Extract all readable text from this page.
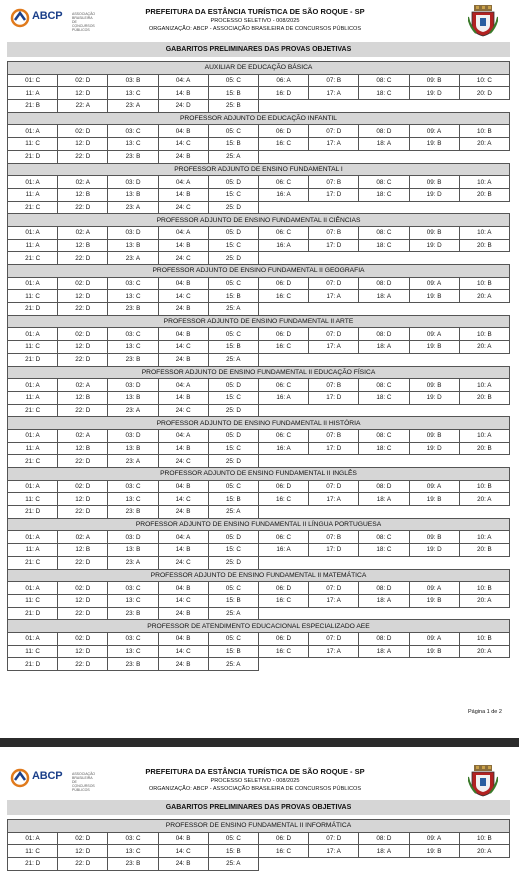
ABCP	ASSOCIAÇÃO BRASILEIRA DE CONCURSOS PÚBLICOS
PREFEITURA DA ESTÂNCIA TURÍSTICA DE SÃO ROQUE - SP
PROCESSO SELETIVO - 008/2025
ORGANIZAÇÃO: ABCP - ASSOCIAÇÃO BRASILEIRA DE CONCURSOS PÚBLICOS
GABARITOS PRELIMINARES DAS PROVAS OBJETIVAS
AUXILIAR DE EDUCAÇÃO BÁSICA									
01: C	02: D	03: B	04: A	05: C	06: A	07: B	08: C	09: B	10: C
11: A	12: D	13: C	14: B	15: B	16: D	17: A	18: C	19: D	20: D
21: B	22: A	23: A	24: D	25: B					
PROFESSOR ADJUNTO DE EDUCAÇÃO INFANTIL									
01: A	02: D	03: C	04: B	05: C	06: D	07: D	08: D	09: A	10: B
11: C	12: D	13: C	14: C	15: B	16: C	17: A	18: A	19: B	20: A
21: D	22: D	23: B	24: B	25: A					
PROFESSOR ADJUNTO DE ENSINO FUNDAMENTAL I									
01: A	02: A	03: D	04: A	05: D	06: C	07: B	08: C	09: B	10: A
11: A	12: B	13: B	14: B	15: C	16: A	17: D	18: C	19: D	20: B
21: C	22: D	23: A	24: C	25: D					
PROFESSOR ADJUNTO DE ENSINO FUNDAMENTAL II CIÊNCIAS									
01: A	02: A	03: D	04: A	05: D	06: C	07: B	08: C	09: B	10: A
11: A	12: B	13: B	14: B	15: C	16: A	17: D	18: C	19: D	20: B
21: C	22: D	23: A	24: C	25: D					
PROFESSOR ADJUNTO DE ENSINO FUNDAMENTAL II GEOGRAFIA									
01: A	02: D	03: C	04: B	05: C	06: D	07: D	08: D	09: A	10: B
11: C	12: D	13: C	14: C	15: B	16: C	17: A	18: A	19: B	20: A
21: D	22: D	23: B	24: B	25: A					
PROFESSOR ADJUNTO DE ENSINO FUNDAMENTAL II ARTE									
01: A	02: D	03: C	04: B	05: C	06: D	07: D	08: D	09: A	10: B
11: C	12: D	13: C	14: C	15: B	16: C	17: A	18: A	19: B	20: A
21: D	22: D	23: B	24: B	25: A					
PROFESSOR ADJUNTO DE ENSINO FUNDAMENTAL II EDUCAÇÃO FÍSICA									
01: A	02: A	03: D	04: A	05: D	06: C	07: B	08: C	09: B	10: A
11: A	12: B	13: B	14: B	15: C	16: A	17: D	18: C	19: D	20: B
21: C	22: D	23: A	24: C	25: D					
PROFESSOR ADJUNTO DE ENSINO FUNDAMENTAL II HISTÓRIA									
01: A	02: A	03: D	04: A	05: D	06: C	07: B	08: C	09: B	10: A
11: A	12: B	13: B	14: B	15: C	16: A	17: D	18: C	19: D	20: B
21: C	22: D	23: A	24: C	25: D					
PROFESSOR ADJUNTO DE ENSINO FUNDAMENTAL II INGLÊS									
01: A	02: D	03: C	04: B	05: C	06: D	07: D	08: D	09: A	10: B
11: C	12: D	13: C	14: C	15: B	16: C	17: A	18: A	19: B	20: A
21: D	22: D	23: B	24: B	25: A					
PROFESSOR ADJUNTO DE ENSINO FUNDAMENTAL II LÍNGUA PORTUGUESA									
01: A	02: A	03: D	04: A	05: D	06: C	07: B	08: C	09: B	10: A
11: A	12: B	13: B	14: B	15: C	16: A	17: D	18: C	19: D	20: B
21: C	22: D	23: A	24: C	25: D					
PROFESSOR ADJUNTO DE ENSINO FUNDAMENTAL II MATEMÁTICA									
01: A	02: D	03: C	04: B	05: C	06: D	07: D	08: D	09: A	10: B
11: C	12: D	13: C	14: C	15: B	16: C	17: A	18: A	19: B	20: A
21: D	22: D	23: B	24: B	25: A					
PROFESSOR DE ATENDIMENTO EDUCACIONAL ESPECIALIZADO AEE									
01: A	02: D	03: C	04: B	05: C	06: D	07: D	08: D	09: A	10: B
11: C	12: D	13: C	14: C	15: B	16: C	17: A	18: A	19: B	20: A
21: D	22: D	23: B	24: B	25: A					
Página 1 de 2
ABCP	ASSOCIAÇÃO BRASILEIRA DE CONCURSOS PÚBLICOS
PREFEITURA DA ESTÂNCIA TURÍSTICA DE SÃO ROQUE - SP
PROCESSO SELETIVO - 008/2025
ORGANIZAÇÃO: ABCP - ASSOCIAÇÃO BRASILEIRA DE CONCURSOS PÚBLICOS
GABARITOS PRELIMINARES DAS PROVAS OBJETIVAS
PROFESSOR DE ENSINO FUNDAMENTAL II INFORMÁTICA									
01: A	02: D	03: C	04: B	05: C	06: D	07: D	08: D	09: A	10: B
11: C	12: D	13: C	14: C	15: B	16: C	17: A	18: A	19: B	20: A
21: D	22: D	23: B	24: B	25: A					
